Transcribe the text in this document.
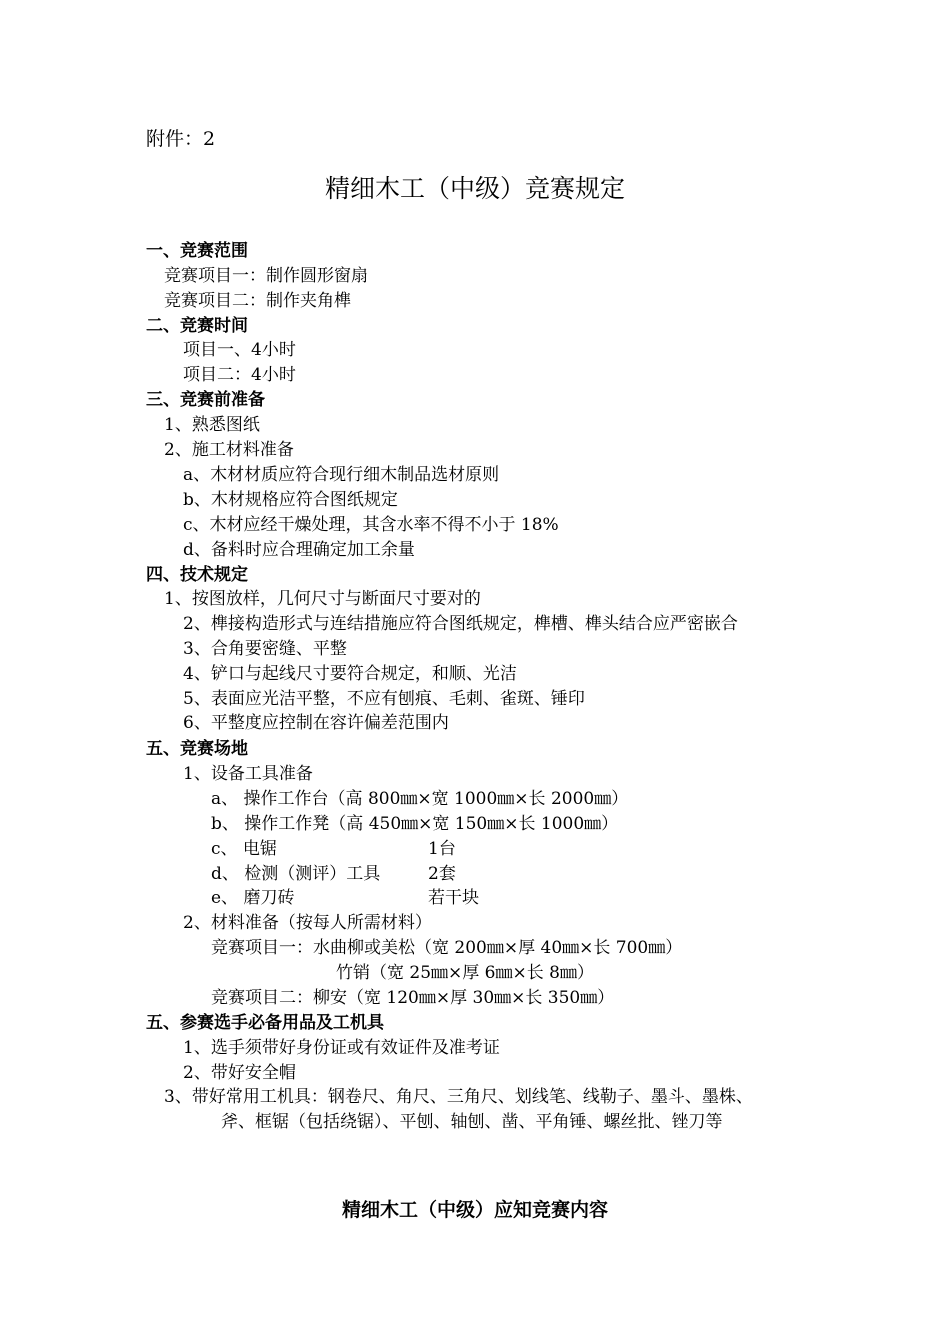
附件：2
精细木工（中级）竞赛规定
一、竞赛范围
竞赛项目一：制作圆形窗扇
竞赛项目二：制作夹角榫
二、竞赛时间
项目一、4小时
项目二：4小时
三、竞赛前准备
1、熟悉图纸
2、施工材料准备
a、木材材质应符合现行细木制品选材原则
b、木材规格应符合图纸规定
c、木材应经干燥处理，其含水率不得不小于 18%
d、备料时应合理确定加工余量
四、技术规定
1、按图放样，几何尺寸与断面尺寸要对的
2、榫接构造形式与连结措施应符合图纸规定，榫槽、榫头结合应严密嵌合
3、合角要密缝、平整
4、铲口与起线尺寸要符合规定，和顺、光洁
5、表面应光洁平整，不应有刨痕、毛刺、雀斑、锤印
6、平整度应控制在容许偏差范围内
五、竞赛场地
1、设备工具准备
a、 操作工作台（高 800㎜×宽 1000㎜×长 2000㎜）
b、 操作工作凳（高 450㎜×宽 150㎜×长 1000㎜）
c、 电锯	1台
d、 检测（测评）工具	2套
e、 磨刀砖	若干块
2、材料准备（按每人所需材料）
竞赛项目一：水曲柳或美松（宽 200㎜×厚 40㎜×长 700㎜）
竹销（宽 25㎜×厚 6㎜×长 8㎜）
竞赛项目二：柳安（宽 120㎜×厚 30㎜×长 350㎜）
五、参赛选手必备用品及工机具
1、选手须带好身份证或有效证件及准考证
2、带好安全帽
3、带好常用工机具：钢卷尺、角尺、三角尺、划线笔、线勒子、墨斗、墨株、
斧、框锯（包括绕锯）、平刨、轴刨、凿、平角锤、螺丝批、锉刀等
精细木工（中级）应知竞赛内容
